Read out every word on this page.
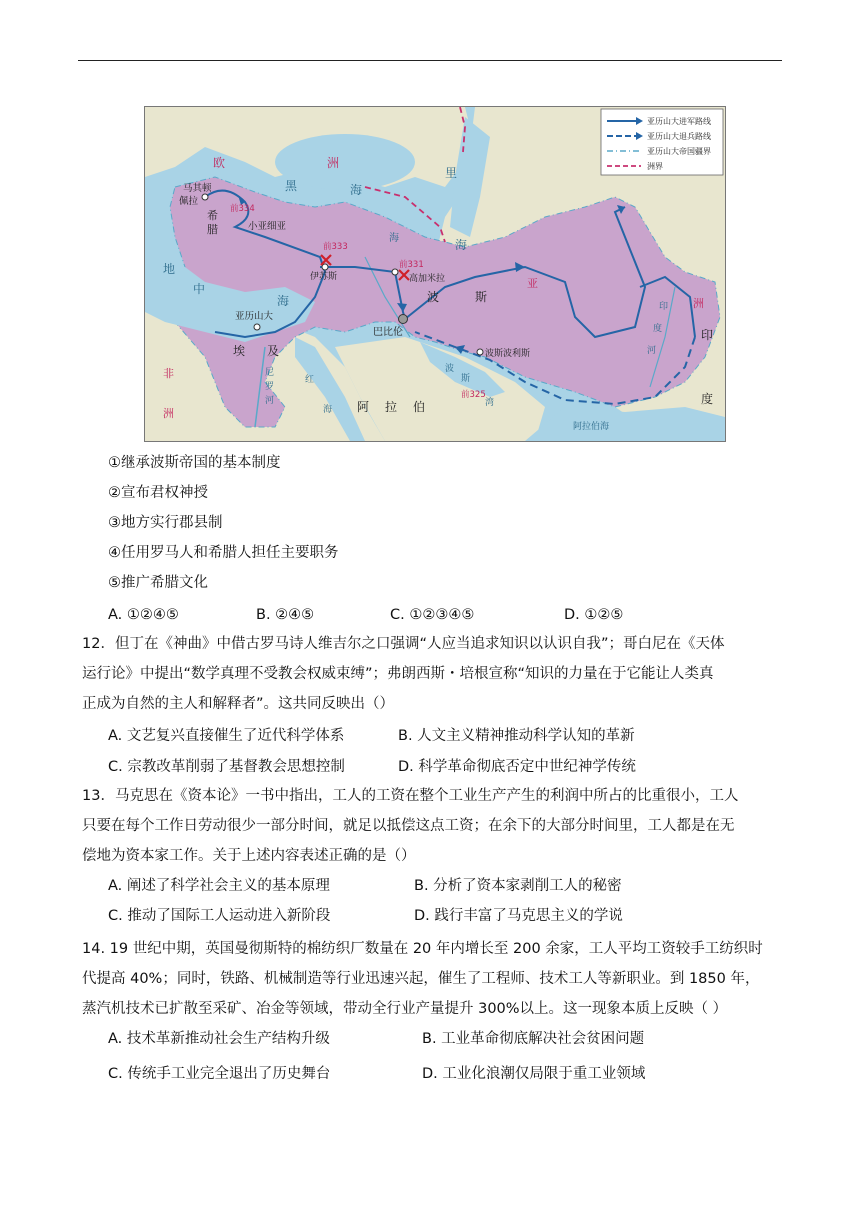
欧	洲
黑	海
里
海
马其顿
佩拉
希
腊
前334
小亚细亚
地
中
海
前333
伊苏斯
前331
高加米拉
巴比伦
波	斯
波斯波利斯
亚历山大
埃 及
尼
罗
河
非
洲
红
海 阿 拉 伯
波
斯
湾
前325
亚
洲
印
度
印
度
河
阿拉伯海
海
亚历山大进军路线
亚历山大退兵路线
亚历山大帝国疆界
洲界
①继承波斯帝国的基本制度
②宣布君权神授
③地方实行郡县制
④任用罗马人和希腊人担任主要职务
⑤推广希腊文化
A. ①②④⑤	B. ②④⑤	C. ①②③④⑤	D. ①②⑤
12．但丁在《神曲》中借古罗马诗人维吉尔之口强调“人应当追求知识以认识自我”；哥白尼在《天体
运行论》中提出“数学真理不受教会权威束缚”；弗朗西斯・培根宣称“知识的力量在于它能让人类真
正成为自然的主人和解释者”。这共同反映出（）
A. 文艺复兴直接催生了近代科学体系	B. 人文主义精神推动科学认知的革新
C. 宗教改革削弱了基督教会思想控制	D. 科学革命彻底否定中世纪神学传统
13．马克思在《资本论》一书中指出，工人的工资在整个工业生产产生的利润中所占的比重很小，工人
只要在每个工作日劳动很少一部分时间，就足以抵偿这点工资；在余下的大部分时间里，工人都是在无
偿地为资本家工作。关于上述内容表述正确的是（）
A. 阐述了科学社会主义的基本原理	B. 分析了资本家剥削工人的秘密
C. 推动了国际工人运动进入新阶段	D. 践行丰富了马克思主义的学说
14. 19 世纪中期，英国曼彻斯特的棉纺织厂数量在 20 年内增长至 200 余家，工人平均工资较手工纺织时
代提高 40%；同时，铁路、机械制造等行业迅速兴起，催生了工程师、技术工人等新职业。到 1850 年，
蒸汽机技术已扩散至采矿、冶金等领域，带动全行业产量提升 300%以上。这一现象本质上反映（ ）
A. 技术革新推动社会生产结构升级	B. 工业革命彻底解决社会贫困问题
C. 传统手工业完全退出了历史舞台	D. 工业化浪潮仅局限于重工业领域
